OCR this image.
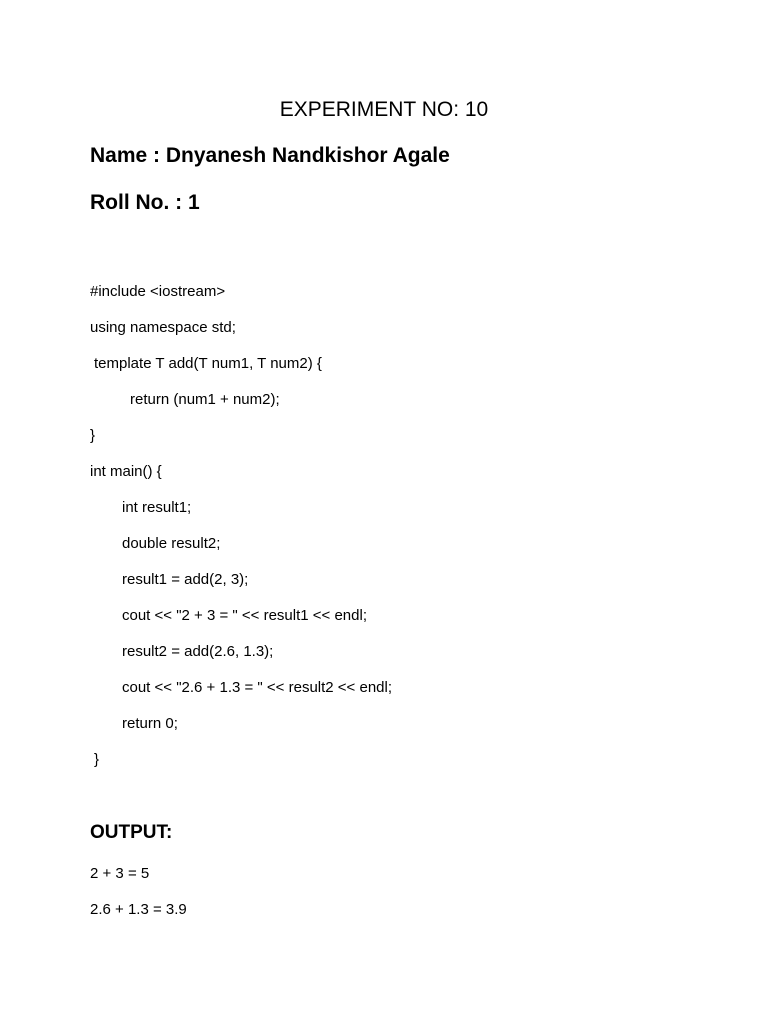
EXPERIMENT NO: 10

Name : Dnyanesh Nandkishor Agale

Roll No. : 1

#include <iostream>
using namespace std;
template T add(T num1, T num2) {
return (num1 + num2);
}
int main() {
int result1;
double result2;
result1 = add(2, 3);
cout << "2 + 3 = " << result1 << endl;
result2 = add(2.6, 1.3);
cout << "2.6 + 1.3 = " << result2 << endl;
return 0;
}
OUTPUT:
2 + 3 = 5
2.6 + 1.3 = 3.9
